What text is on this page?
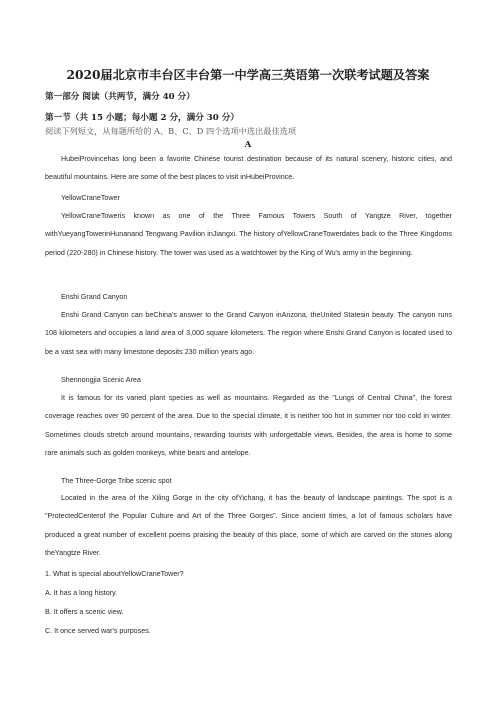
2020届北京市丰台区丰台第一中学高三英语第一次联考试题及答案
第一部分 阅读（共两节，满分 40 分）
第一节（共 15 小题；每小题 2 分，满分 30 分）
阅读下列短文，从每题所给的 A、B、C、D 四个选项中选出最佳选项
A

HubeiProvincehas long been a favorite Chinese tourist destination because of its natural scenery, historic cities, and beautiful mountains. Here are some of the best places to visit inHubeiProvince.

YellowCraneTower

YellowCraneToweris known as one of the Three Famous Towers South of Yangtze River, together withYueyangTowerinHunanand Tengwang Pavilion inJiangxi. The history ofYellowCraneTowerdates back to the Three Kingdoms period (220-280) in Chinese history. The tower was used as a watchtower by the King of Wu's army in the beginning.

Enshi Grand Canyon

Enshi Grand Canyon can beChina's answer to the Grand Canyon inArizona, theUnited Statesin beauty. The canyon runs 108 kilometers and occupies a land area of 3,000 square kilometers. The region where Enshi Grand Canyon is located used to be a vast sea with many limestone deposits 230 million years ago.

Shennongjia Scenic Area

It is famous for its varied plant species as well as mountains. Regarded as the "Lungs of Central China", the forest coverage reaches over 90 percent of the area. Due to the special climate, it is neither too hot in summer nor too cold in winter. Sometimes clouds stretch around mountains, rewarding tourists with unforgettable views. Besides, the area is home to some rare animals such as golden monkeys, white bears and antelope.

The Three-Gorge Tribe scenic spot

Located in the area of the Xiling Gorge in the city ofYichang, it has the beauty of landscape paintings. The spot is a "ProtectedCenterof the Popular Culture and Art of the Three Gorges". Since ancient times, a lot of famous scholars have produced a great number of excellent poems praising the beauty of this place, some of which are carved on the stones along theYangtze River.

1. What is special aboutYellowCraneTower?
A. It has a long history.
B. It offers a scenic view.
C. It once served war's purposes.
